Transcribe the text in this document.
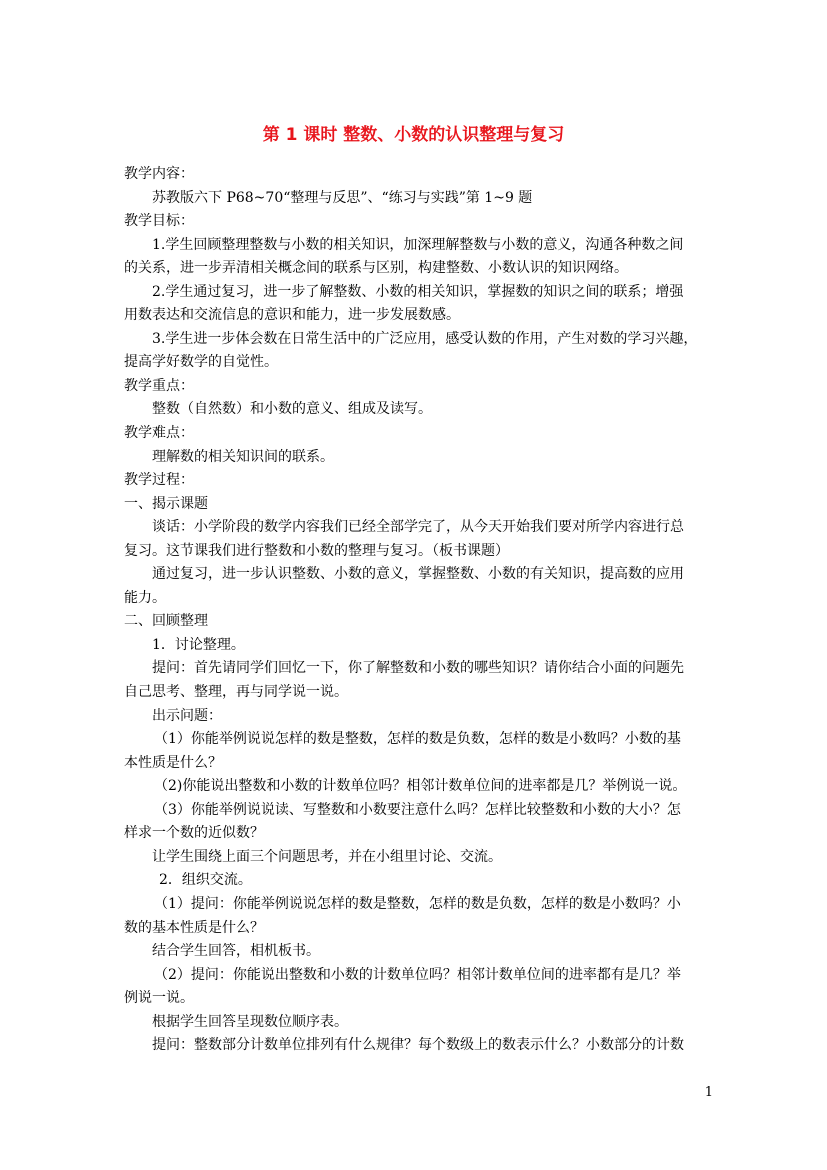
第 1 课时 整数、小数的认识整理与复习
教学内容：
苏教版六下 P68~70“整理与反思”、“练习与实践”第 1~9 题
教学目标：
1.学生回顾整理整数与小数的相关知识，加深理解整数与小数的意义，沟通各种数之间
的关系，进一步弄清相关概念间的联系与区别，构建整数、小数认识的知识网络。
2.学生通过复习，进一步了解整数、小数的相关知识，掌握数的知识之间的联系；增强
用数表达和交流信息的意识和能力，进一步发展数感。
3.学生进一步体会数在日常生活中的广泛应用，感受认数的作用，产生对数的学习兴趣，
提高学好数学的自觉性。
教学重点：
整数（自然数）和小数的意义、组成及读写。
教学难点：
理解数的相关知识间的联系。
教学过程：
一、揭示课题
谈话：小学阶段的数学内容我们已经全部学完了，从今天开始我们要对所学内容进行总
复习。这节课我们进行整数和小数的整理与复习。（板书课题）
通过复习，进一步认识整数、小数的意义，掌握整数、小数的有关知识，提高数的应用
能力。
二、回顾整理
1．讨论整理。
提问：首先请同学们回忆一下，你了解整数和小数的哪些知识？请你结合小面的问题先
自己思考、整理，再与同学说一说。
出示问题：
（1）你能举例说说怎样的数是整数，怎样的数是负数，怎样的数是小数吗？小数的基
本性质是什么？
（2)你能说出整数和小数的计数单位吗？相邻计数单位间的进率都是几？举例说一说。
（3）你能举例说说读、写整数和小数要注意什么吗？怎样比较整数和小数的大小？怎
样求一个数的近似数？
让学生围绕上面三个问题思考，并在小组里讨论、交流。
2．组织交流。
（1）提问：你能举例说说怎样的数是整数，怎样的数是负数，怎样的数是小数吗？小
数的基本性质是什么？
结合学生回答，相机板书。
（2）提问：你能说出整数和小数的计数单位吗？相邻计数单位间的进率都有是几？举
例说一说。
根据学生回答呈现数位顺序表。
提问：整数部分计数单位排列有什么规律？每个数级上的数表示什么？小数部分的计数
1
